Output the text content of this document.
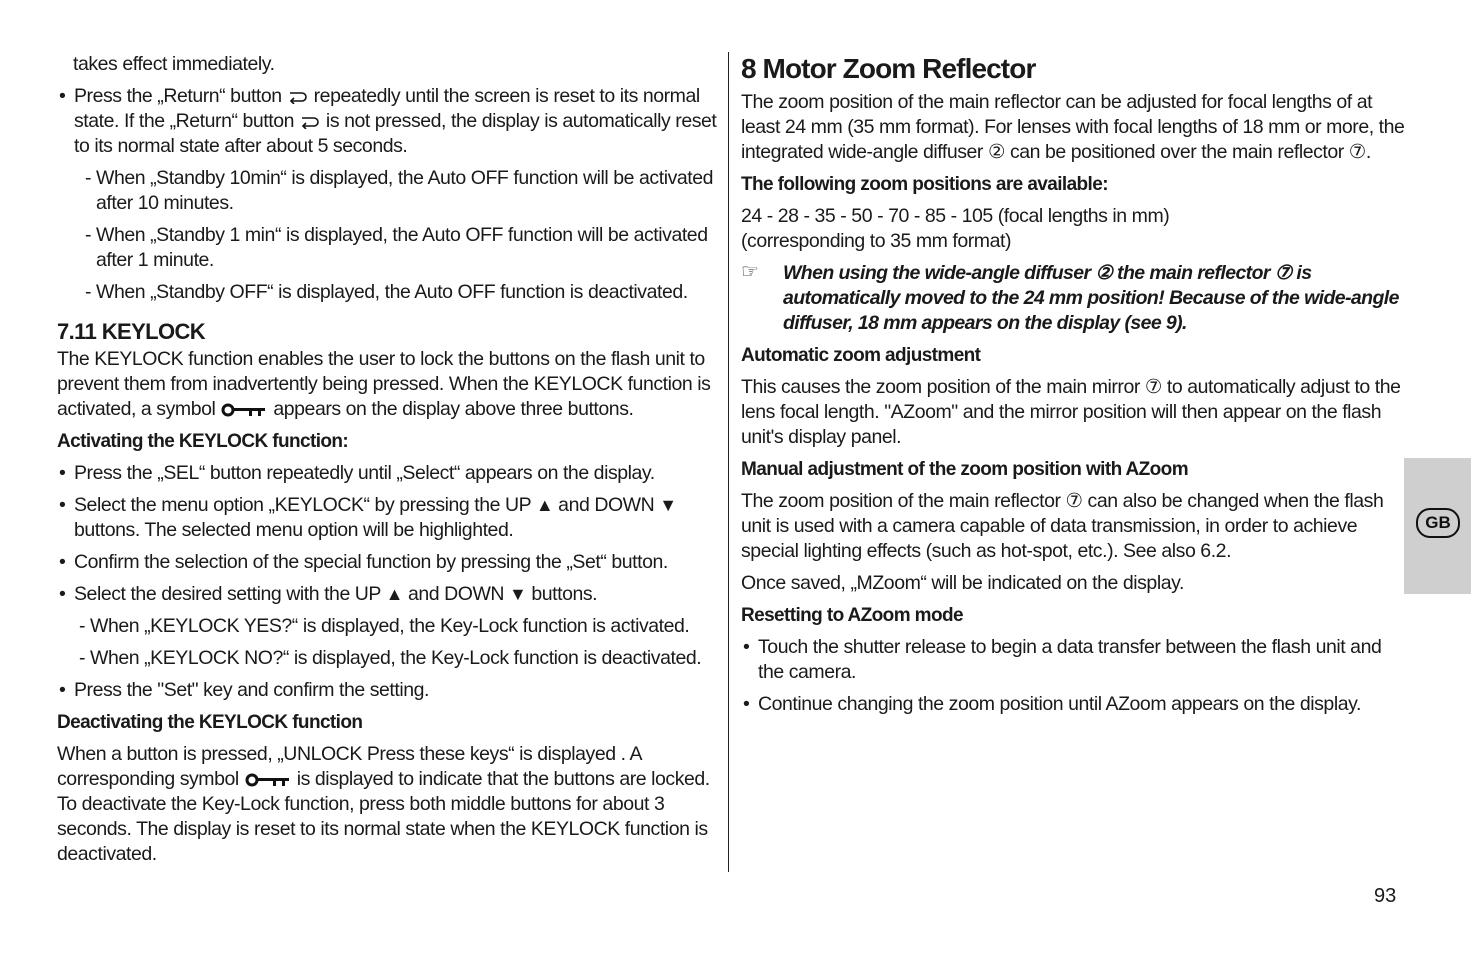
takes effect immediately.

• Press the „Return“ button  repeatedly until the screen is reset to its normal state. If the „Return“ button  is not pressed, the display is automatically reset to its normal state after about 5 seconds.

- When „Standby 10min“ is displayed, the Auto OFF function will be activated after 10 minutes.

- When „Standby 1 min“ is displayed, the Auto OFF function will be activated after 1 minute.

- When „Standby OFF“ is displayed, the Auto OFF function is deactivated.

7.11 KEYLOCK

The KEYLOCK function enables the user to lock the buttons on the flash unit to prevent them from inadvertently being pressed. When the KEYLOCK function is activated, a symbol	appears on the display above three buttons.

Activating the KEYLOCK function:

• Press the „SEL“ button repeatedly until „Select“ appears on the display.

• Select the menu option „KEYLOCK“ by pressing the UP ▲ and DOWN ▼ buttons. The selected menu option will be highlighted.

• Confirm the selection of the special function by pressing the „Set“ button.

• Select the desired setting with the UP ▲ and DOWN ▼ buttons.

- When „KEYLOCK YES?“ is displayed, the Key-Lock function is activated.

- When „KEYLOCK NO?“ is displayed, the Key-Lock function is deactivated.

• Press the "Set" key and confirm the setting.

Deactivating the KEYLOCK function

When a button is pressed, „UNLOCK Press these keys“ is displayed . A corresponding symbol	is displayed to indicate that the buttons are locked. To deactivate the Key-Lock function, press both middle buttons for about 3 seconds. The display is reset to its normal state when the KEYLOCK function is deactivated.

8 Motor Zoom Reflector

The zoom position of the main reflector can be adjusted for focal lengths of at least 24 mm (35 mm format). For lenses with focal lengths of 18 mm or more, the integrated wide-angle diffuser ② can be positioned over the main reflector ⑦.

The following zoom positions are available:

24 - 28 - 35 - 50 - 70 - 85 - 105 (focal lengths in mm)

(corresponding to 35 mm format)

☞ When using the wide-angle diffuser ② the main reflector ⑦ is automatically moved to the 24 mm position! Because of the wide-angle diffuser, 18 mm appears on the display (see 9).

Automatic zoom adjustment

This causes the zoom position of the main mirror ⑦ to automatically adjust to the lens focal length. "AZoom" and the mirror position will then appear on the flash unit's display panel.

Manual adjustment of the zoom position with AZoom

The zoom position of the main reflector ⑦ can also be changed when the flash unit is used with a camera capable of data transmission, in order to achieve special lighting effects (such as hot-spot, etc.). See also 6.2.

Once saved, „MZoom“ will be indicated on the display.

Resetting to AZoom mode

• Touch the shutter release to begin a data transfer between the flash unit and the camera.

• Continue changing the zoom position until AZoom appears on the display.

GB
93
